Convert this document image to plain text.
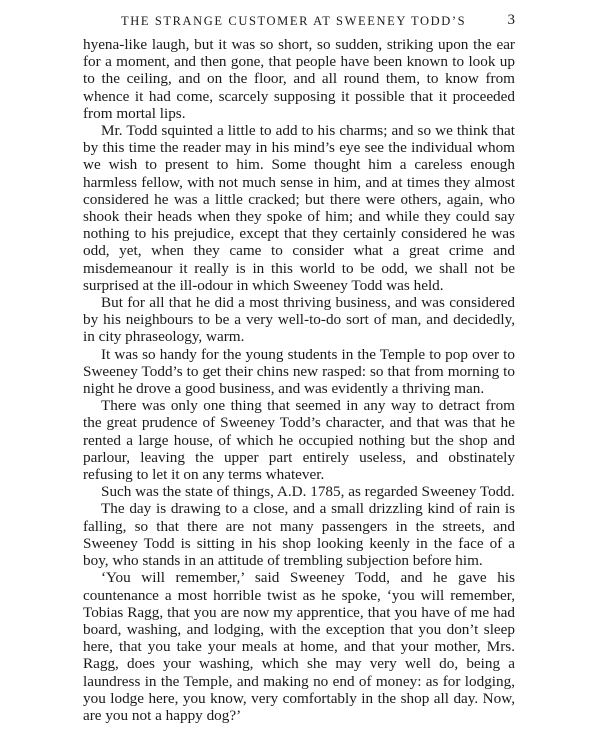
THE STRANGE CUSTOMER AT SWEENEY TODD’S	3

hyena-like laugh, but it was so short, so sudden, striking upon the ear for a moment, and then gone, that people have been known to look up to the ceiling, and on the floor, and all round them, to know from whence it had come, scarcely supposing it possible that it proceeded from mortal lips.

Mr. Todd squinted a little to add to his charms; and so we think that by this time the reader may in his mind’s eye see the individual whom we wish to present to him. Some thought him a careless enough harmless fellow, with not much sense in him, and at times they almost considered he was a little cracked; but there were others, again, who shook their heads when they spoke of him; and while they could say nothing to his prejudice, except that they certainly considered he was odd, yet, when they came to consider what a great crime and misdemeanour it really is in this world to be odd, we shall not be surprised at the ill-odour in which Sweeney Todd was held.

But for all that he did a most thriving business, and was considered by his neighbours to be a very well-to-do sort of man, and decidedly, in city phraseology, warm.

It was so handy for the young students in the Temple to pop over to Sweeney Todd’s to get their chins new rasped: so that from morning to night he drove a good business, and was evidently a thriving man.

There was only one thing that seemed in any way to detract from the great prudence of Sweeney Todd’s character, and that was that he rented a large house, of which he occupied nothing but the shop and parlour, leaving the upper part entirely useless, and obstinately refusing to let it on any terms whatever.

Such was the state of things, A.D. 1785, as regarded Sweeney Todd.

The day is drawing to a close, and a small drizzling kind of rain is falling, so that there are not many passengers in the streets, and Sweeney Todd is sitting in his shop looking keenly in the face of a boy, who stands in an attitude of trembling subjection before him.

‘You will remember,’ said Sweeney Todd, and he gave his countenance a most horrible twist as he spoke, ‘you will remember, Tobias Ragg, that you are now my apprentice, that you have of me had board, washing, and lodging, with the exception that you don’t sleep here, that you take your meals at home, and that your mother, Mrs. Ragg, does your washing, which she may very well do, being a laundress in the Temple, and making no end of money: as for lodging, you lodge here, you know, very comfortably in the shop all day. Now, are you not a happy dog?’
